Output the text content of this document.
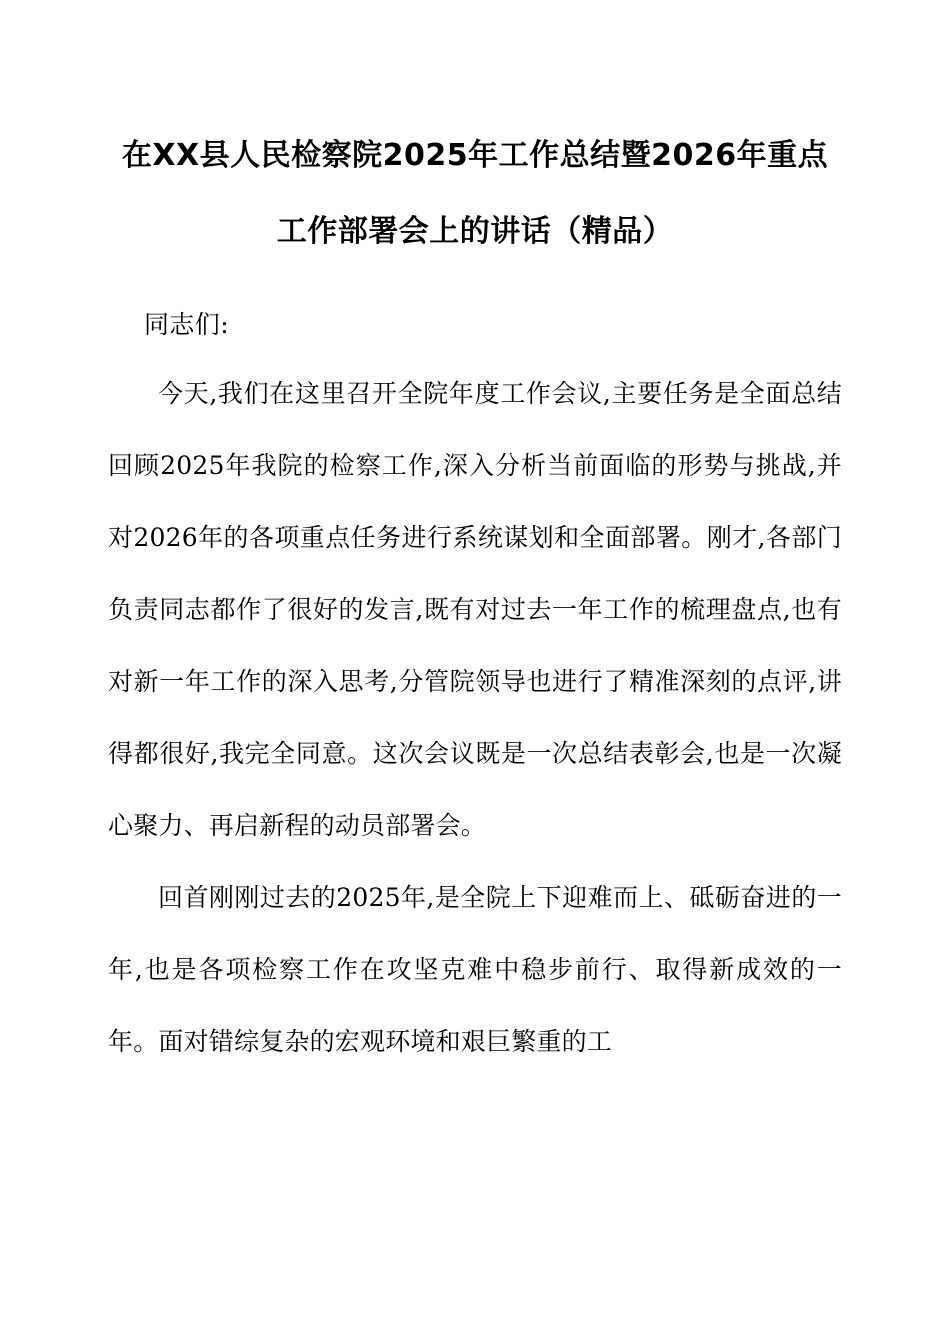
在XX县人民检察院2025年工作总结暨2026年重点工作部署会上的讲话（精品）

同志们:

今天,我们在这里召开全院年度工作会议,主要任务是全面总结回顾2025年我院的检察工作,深入分析当前面临的形势与挑战,并对2026年的各项重点任务进行系统谋划和全面部署。刚才,各部门负责同志都作了很好的发言,既有对过去一年工作的梳理盘点,也有对新一年工作的深入思考,分管院领导也进行了精准深刻的点评,讲得都很好,我完全同意。这次会议既是一次总结表彰会,也是一次凝心聚力、再启新程的动员部署会。

回首刚刚过去的2025年,是全院上下迎难而上、砥砺奋进的一年,也是各项检察工作在攻坚克难中稳步前行、取得新成效的一年。面对错综复杂的宏观环境和艰巨繁重的工
